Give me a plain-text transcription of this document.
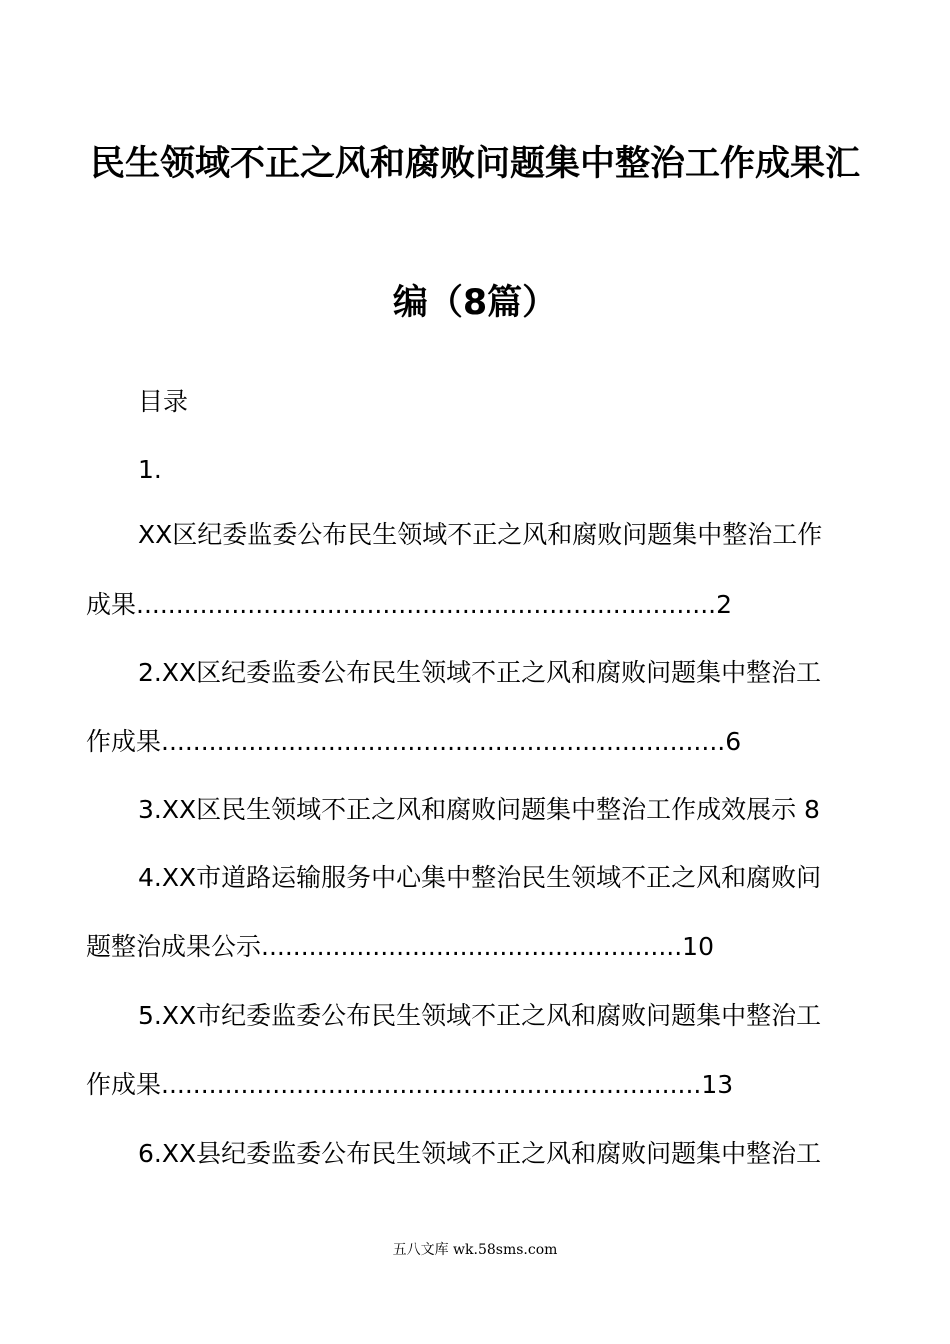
民生领域不正之风和腐败问题集中整治工作成果汇
编（8篇）
目录
1.
XX区纪委监委公布民生领域不正之风和腐败问题集中整治工作
成果.........................................................................2
2.XX区纪委监委公布民生领域不正之风和腐败问题集中整治工
作成果.......................................................................6
3.XX区民生领域不正之风和腐败问题集中整治工作成效展示 8
4.XX市道路运输服务中心集中整治民生领域不正之风和腐败问
题整治成果公示.....................................................10
5.XX市纪委监委公布民生领域不正之风和腐败问题集中整治工
作成果....................................................................13
6.XX县纪委监委公布民生领域不正之风和腐败问题集中整治工
五八文库 wk.58sms.com
